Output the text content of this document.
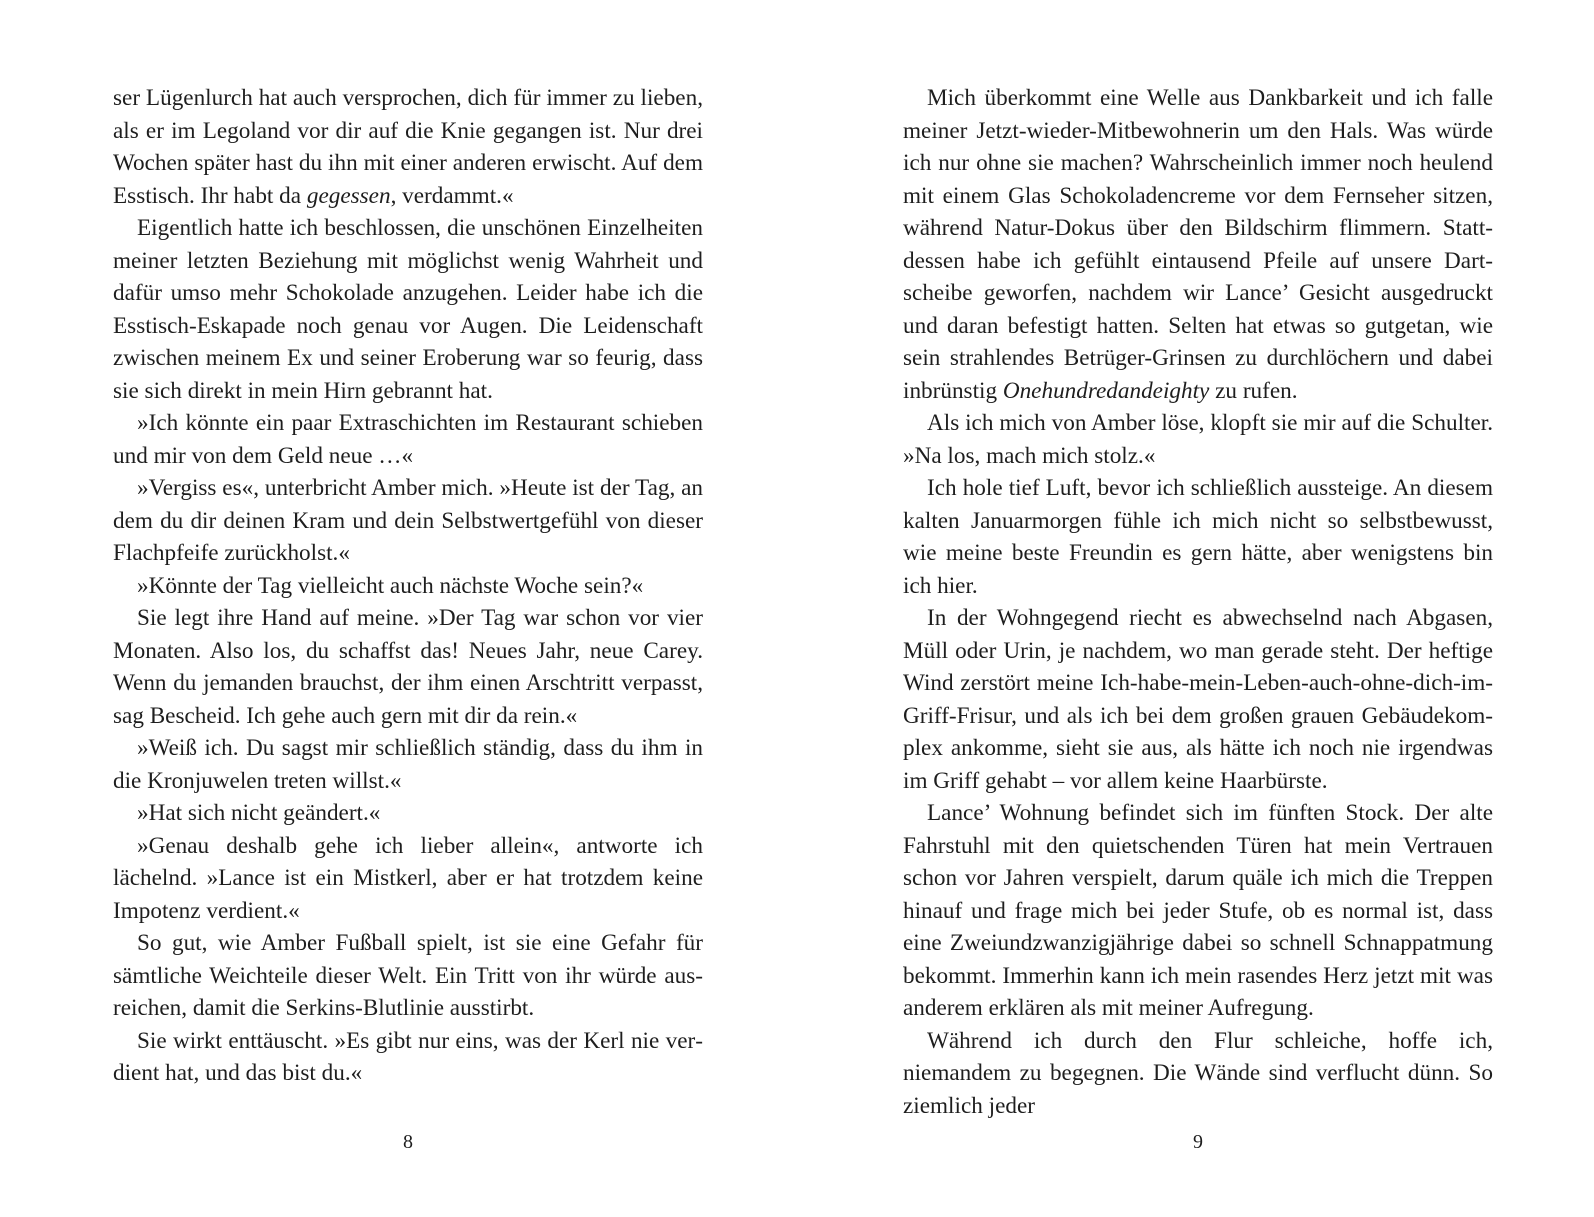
ser Lügenlurch hat auch versprochen, dich für immer zu lieben, als er im Legoland vor dir auf die Knie gegangen ist. Nur drei Wochen später hast du ihn mit einer anderen erwischt. Auf dem Esstisch. Ihr habt da gegessen, verdammt.«

Eigentlich hatte ich beschlossen, die unschönen Einzelheiten meiner letzten Beziehung mit möglichst wenig Wahrheit und dafür umso mehr Schokolade anzugehen. Leider habe ich die Esstisch-Eskapade noch genau vor Augen. Die Leidenschaft zwischen meinem Ex und seiner Eroberung war so feurig, dass sie sich direkt in mein Hirn gebrannt hat.

»Ich könnte ein paar Extraschichten im Restaurant schieben und mir von dem Geld neue …«

»Vergiss es«, unterbricht Amber mich. »Heute ist der Tag, an dem du dir deinen Kram und dein Selbstwertgefühl von dieser Flachpfeife zurückholst.«

»Könnte der Tag vielleicht auch nächste Woche sein?«

Sie legt ihre Hand auf meine. »Der Tag war schon vor vier Monaten. Also los, du schaffst das! Neues Jahr, neue Carey. Wenn du jemanden brauchst, der ihm einen Arschtritt verpasst, sag Bescheid. Ich gehe auch gern mit dir da rein.«

»Weiß ich. Du sagst mir schließlich ständig, dass du ihm in die Kronjuwelen treten willst.«

»Hat sich nicht geändert.«

»Genau deshalb gehe ich lieber allein«, antworte ich lächelnd. »Lance ist ein Mistkerl, aber er hat trotzdem keine Impotenz verdient.«

So gut, wie Amber Fußball spielt, ist sie eine Gefahr für sämtliche Weichteile dieser Welt. Ein Tritt von ihr würde ausreichen, damit die Serkins-Blutlinie ausstirbt.

Sie wirkt enttäuscht. »Es gibt nur eins, was der Kerl nie verdient hat, und das bist du.«

Mich überkommt eine Welle aus Dankbarkeit und ich falle meiner Jetzt-wieder-Mitbewohnerin um den Hals. Was würde ich nur ohne sie machen? Wahrscheinlich immer noch heulend mit einem Glas Schokoladencreme vor dem Fernseher sitzen, während Natur-Dokus über den Bildschirm flimmern. Stattdessen habe ich gefühlt eintausend Pfeile auf unsere Dartscheibe geworfen, nachdem wir Lance’ Gesicht ausgedruckt und daran befestigt hatten. Selten hat etwas so gutgetan, wie sein strahlendes Betrüger-Grinsen zu durchlöchern und dabei inbrünstig Onehundredandeighty zu rufen.

Als ich mich von Amber löse, klopft sie mir auf die Schulter. »Na los, mach mich stolz.«

Ich hole tief Luft, bevor ich schließlich aussteige. An diesem kalten Januarmorgen fühle ich mich nicht so selbstbewusst, wie meine beste Freundin es gern hätte, aber wenigstens bin ich hier.

In der Wohngegend riecht es abwechselnd nach Abgasen, Müll oder Urin, je nachdem, wo man gerade steht. Der heftige Wind zerstört meine Ich-habe-mein-Leben-auch-ohne-dich-im-Griff-Frisur, und als ich bei dem großen grauen Gebäudekomplex ankomme, sieht sie aus, als hätte ich noch nie irgendwas im Griff gehabt – vor allem keine Haarbürste.

Lance’ Wohnung befindet sich im fünften Stock. Der alte Fahrstuhl mit den quietschenden Türen hat mein Vertrauen schon vor Jahren verspielt, darum quäle ich mich die Treppen hinauf und frage mich bei jeder Stufe, ob es normal ist, dass eine Zweiundzwanzigjährige dabei so schnell Schnappatmung bekommt. Immerhin kann ich mein rasendes Herz jetzt mit was anderem erklären als mit meiner Aufregung.

Während ich durch den Flur schleiche, hoffe ich, niemandem zu begegnen. Die Wände sind verflucht dünn. So ziemlich jeder

8	9
